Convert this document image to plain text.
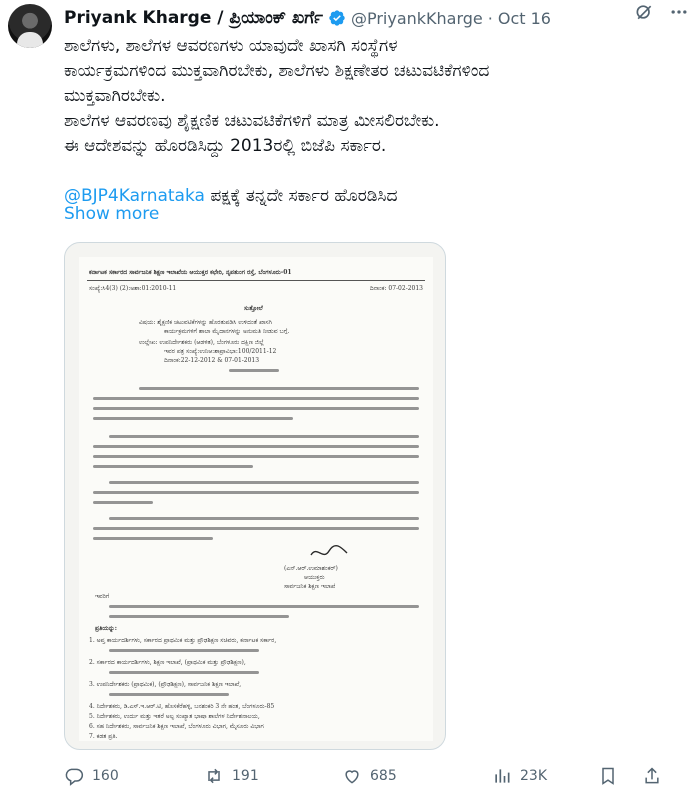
Priyank Kharge / ಪ್ರಿಯಾಂಕ್ ಖರ್ಗೆ @PriyankKharge · Oct 16

ಶಾಲೆಗಳು, ಶಾಲೆಗಳ ಆವರಣಗಳು ಯಾವುದೇ ಖಾಸಗಿ ಸಂಸ್ಥೆಗಳ

ಕಾರ್ಯಕ್ರಮಗಳಿಂದ ಮುಕ್ತವಾಗಿರಬೇಕು, ಶಾಲೆಗಳು ಶಿಕ್ಷಣೇತರ ಚಟುವಟಿಕೆಗಳಿಂದ

ಮುಕ್ತವಾಗಿರಬೇಕು.

ಶಾಲೆಗಳ ಆವರಣವು ಶೈಕ್ಷಣಿಕ ಚಟುವಟಿಕೆಗಳಿಗೆ ಮಾತ್ರ ಮೀಸಲಿರಬೇಕು.

ಈ ಆದೇಶವನ್ನು ಹೊರಡಿಸಿದ್ದು 2013ರಲ್ಲಿ ಬಿಜೆಪಿ ಸರ್ಕಾರ.

@BJP4Karnataka ಪಕ್ಷಕ್ಕೆ ತನ್ನದೇ ಸರ್ಕಾರ ಹೊರಡಿಸಿದ

Show more
ಕರ್ನಾಟಕ ಸರ್ಕಾರದ ಸಾರ್ವಜನಿಕ ಶಿಕ್ಷಣ ಇಲಾಖೆಯ ಆಯುಕ್ತರ ಕಛೇರಿ, ನೃಪತುಂಗ ರಸ್ತೆ, ಬೆಂಗಳೂರು-01
ಸಂಖ್ಯೆ:ಸಿ4(3) (2):ಅಶಾ:01:2010-11	ದಿನಾಂಕ: 07-02-2013
ಸುತ್ತೋಲೆ
ವಿಷಯ: ಶೈಕ್ಷಣಿಕ ಚಟುವಟಿಕೆಗಳನ್ನು ಹೊರತುಪಡಿಸಿ ಉಳಿದಂತೆ ಖಾಸಗಿ
ಕಾರ್ಯಕ್ರಮಗಳಿಗೆ ಶಾಲಾ ಮೈದಾನಗಳನ್ನು ಅನುಮತಿ ನೀಡುವ ಬಗ್ಗೆ.
ಉಲ್ಲೇಖ: ಉಪನಿರ್ದೇಶಕರು (ಆಡಳಿತ), ಬೆಂಗಳೂರು ದಕ್ಷಿಣ ಜಿಲ್ಲೆ
ಇವರ ಪತ್ರ ಸಂಖ್ಯೆ:ಉನಿಆ:ಶಾಪ್ರಾವಿಭಾ:100/2011-12
ದಿನಾಂಕ:22-12-2012 & 07-01-2013
(ಎನ್.ಆರ್.ಉಮಾಶಂಕರ್)
ಆಯುಕ್ತರು
ಸಾರ್ವಜನಿಕ ಶಿಕ್ಷಣ ಇಲಾಖೆ
ಇವರಿಗೆ
ಪ್ರತಿಯನ್ನು:
1. ಅಪ್ತ ಕಾರ್ಯದರ್ಶಿಗಳು, ಸರ್ಕಾರದ ಪ್ರಾಥಮಿಕ ಮತ್ತು ಪ್ರೌಢಶಿಕ್ಷಣ ಸಚಿವರು, ಕರ್ನಾಟಕ ಸರ್ಕಾರ,
2. ಸರ್ಕಾರದ ಕಾರ್ಯದರ್ಶಿಗಳು, ಶಿಕ್ಷಣ ಇಲಾಖೆ, (ಪ್ರಾಥಮಿಕ ಮತ್ತು ಪ್ರೌಢಶಿಕ್ಷಣ),
3. ಉಪನಿರ್ದೇಶಕರು (ಪ್ರಾಥಮಿಕ), (ಪ್ರೌಢಶಿಕ್ಷಣ), ಸಾರ್ವಜನಿಕ ಶಿಕ್ಷಣ ಇಲಾಖೆ,
4. ನಿರ್ದೇಶಕರು, ಡಿ.ಎಸ್.ಇ.ಆರ್.ಟಿ, ಹೊಸಕೆರೆಹಳ್ಳಿ, ಬನಶಂಕರಿ 3 ನೇ ಹಂತ, ಬೆಂಗಳೂರು-85
5. ನಿರ್ದೇಶಕರು, ಉರ್ದು ಮತ್ತು ಇತರೆ ಅಲ್ಪ ಸಂಖ್ಯಾತ ಭಾಷಾ ಶಾಲೆಗಳ ನಿರ್ದೇಶನಾಲಯ,
6. ಸಹ ನಿರ್ದೇಶಕರು, ಸಾರ್ವಜನಿಕ ಶಿಕ್ಷಣ ಇಲಾಖೆ, ಬೆಂಗಳೂರು ವಿಭಾಗ, ಮೈಸೂರು ವಿಭಾಗ
7. ಕಡತ ಪ್ರತಿ.
160	191	685	23K
